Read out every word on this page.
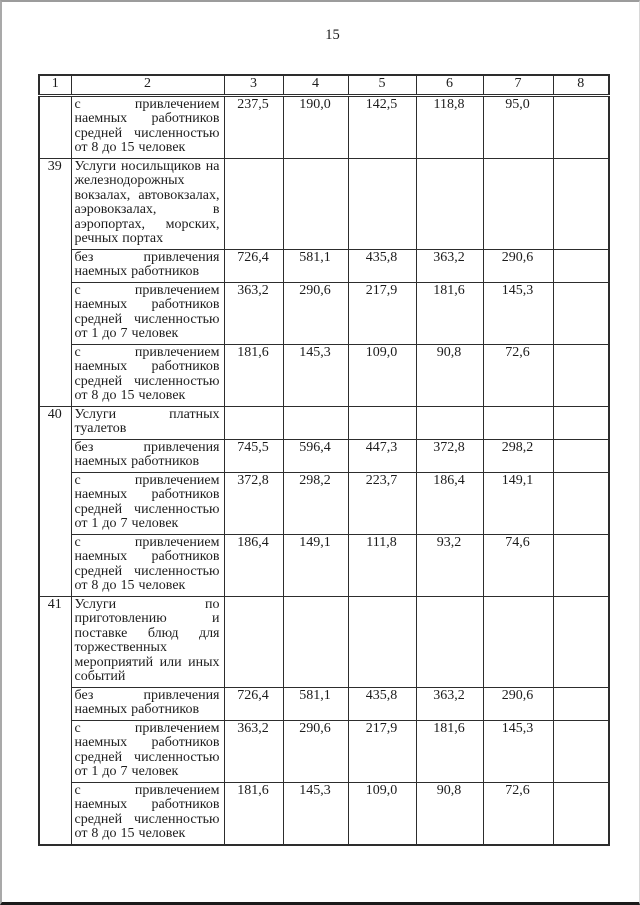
15
1	2	3	4	5	6	7	8
	с привлечением наемных работников средней численностью от 8 до 15 человек	237,5	190,0	142,5	118,8	95,0	
39	Услуги носильщиков на железнодорожных вокзалах, автовокзалах, аэровокзалах, в аэропортах, морских, речных портах						
	без привлечения наемных работников	726,4	581,1	435,8	363,2	290,6	
	с привлечением наемных работников средней численностью от 1 до 7 человек	363,2	290,6	217,9	181,6	145,3	
	с привлечением наемных работников средней численностью от 8 до 15 человек	181,6	145,3	109,0	90,8	72,6	
40	Услуги платных туалетов						
	без привлечения наемных работников	745,5	596,4	447,3	372,8	298,2	
	с привлечением наемных работников средней численностью от 1 до 7 человек	372,8	298,2	223,7	186,4	149,1	
	с привлечением наемных работников средней численностью от 8 до 15 человек	186,4	149,1	111,8	93,2	74,6	
41	Услуги по приготовлению и поставке блюд для торжественных мероприятий или иных событий						
	без привлечения наемных работников	726,4	581,1	435,8	363,2	290,6	
	с привлечением наемных работников средней численностью от 1 до 7 человек	363,2	290,6	217,9	181,6	145,3	
	с привлечением наемных работников средней численностью от 8 до 15 человек	181,6	145,3	109,0	90,8	72,6	
